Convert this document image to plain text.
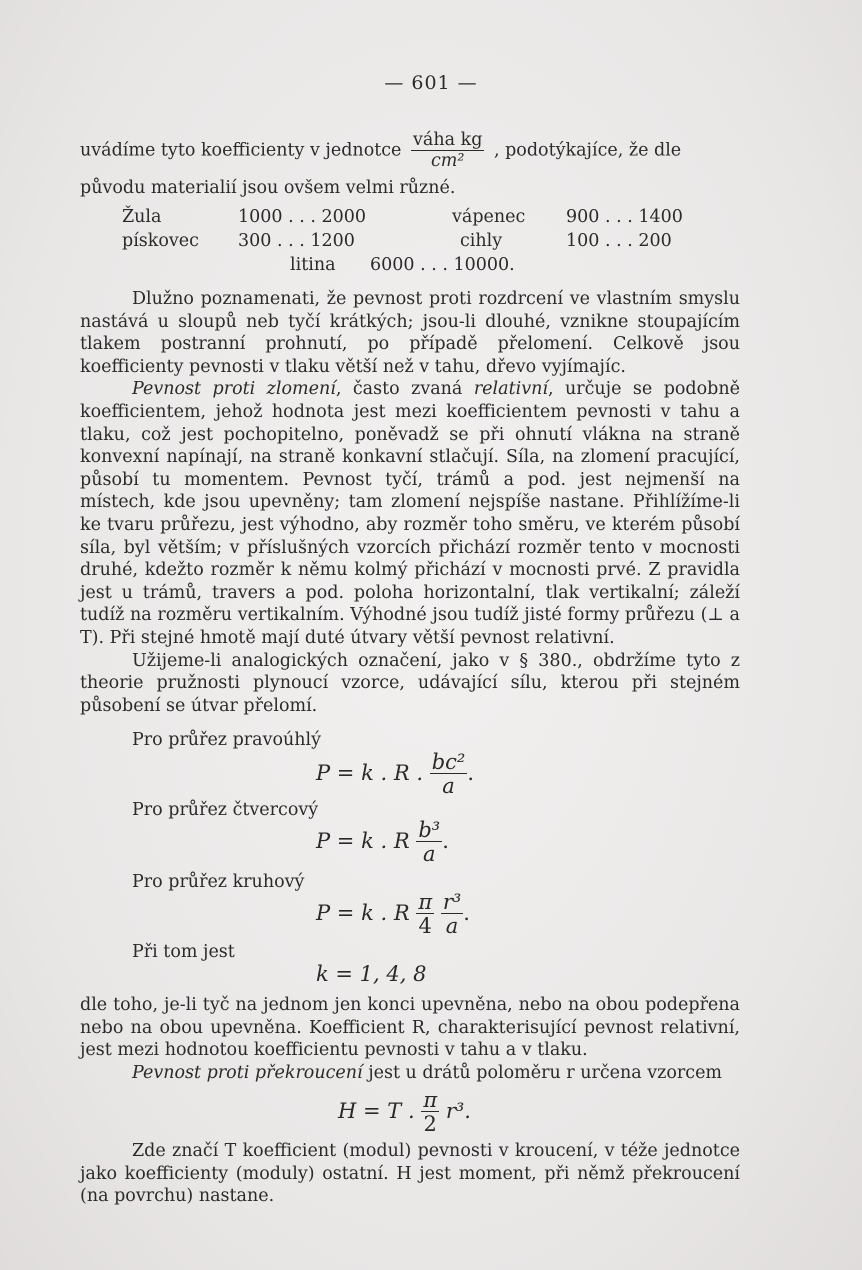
— 601 —
uvádíme tyto koefficienty v jednotce $\frac{\text{váha kg}}{\text{cm²}}$ , podotýkajíce, že dle
původu materialií jsou ovšem velmi různé.
Žula	1000 . . . 2000	vápenec 900 . . . 1400
pískovec 300 . . . 1200	cihly	100 . . . 200
litina 6000 . . . 10000.

Dlužno poznamenati, že pevnost proti rozdrcení ve vlastním smyslu nastává u sloupů neb tyčí krátkých; jsou-li dlouhé, vznikne stoupajícím tlakem postranní prohnutí, po případě přelomení. Celkově jsou koefficienty pevnosti v tlaku větší než v tahu, dřevo vyjímajíc.

Pevnost proti zlomení, často zvaná relativní, určuje se podobně koefficientem, jehož hodnota jest mezi koefficientem pevnosti v tahu a tlaku, což jest pochopitelno, poněvadž se při ohnutí vlákna na straně konvexní napínají, na straně konkavní stlačují. Síla, na zlomení pracující, působí tu momentem. Pevnost tyčí, trámů a pod. jest nejmenší na místech, kde jsou upevněny; tam zlomení nejspíše nastane. Přihlížíme-li ke tvaru průřezu, jest výhodno, aby rozměr toho směru, ve kterém působí síla, byl větším; v příslušných vzorcích přichází rozměr tento v mocnosti druhé, kdežto rozměr k němu kolmý přichází v mocnosti prvé. Z pravidla jest u trámů, travers a pod. poloha horizontalní, tlak vertikalní; záleží tudíž na rozměru vertikalním. Výhodné jsou tudíž jisté formy průřezu (⊥ a T). Při stejné hmotě mají duté útvary větší pevnost relativní.

Užijeme-li analogických označení, jako v § 380., obdržíme tyto z theorie pružnosti plynoucí vzorce, udávající sílu, kterou při stejném působení se útvar přelomí.

Pro průřez pravoúhlý
P = k . R . $\frac{\text{bc²}}{a}$ .
Pro průřez čtvercový
P = k . R $\frac{\text{b³}}{a}$ .
Pro průřez kruhový
P = k . R $\frac{\pi}{4}$
$\frac{\text{r³}}{a}$ .
Při tom jest
k = 1, 4, 8

dle toho, je-li tyč na jednom jen konci upevněna, nebo na obou podepřena nebo na obou upevněna. Koefficient R, charakterisující pevnost relativní, jest mezi hodnotou koefficientu pevnosti v tahu a v tlaku.

Pevnost proti překroucení jest u drátů poloměru r určena vzorcem

H = T . $\frac{\pi}{2} r^3$.

Zde značí T koefficient (modul) pevnosti v kroucení, v téže jednotce jako koefficienty (moduly) ostatní. H jest moment, při němž překroucení (na povrchu) nastane.
